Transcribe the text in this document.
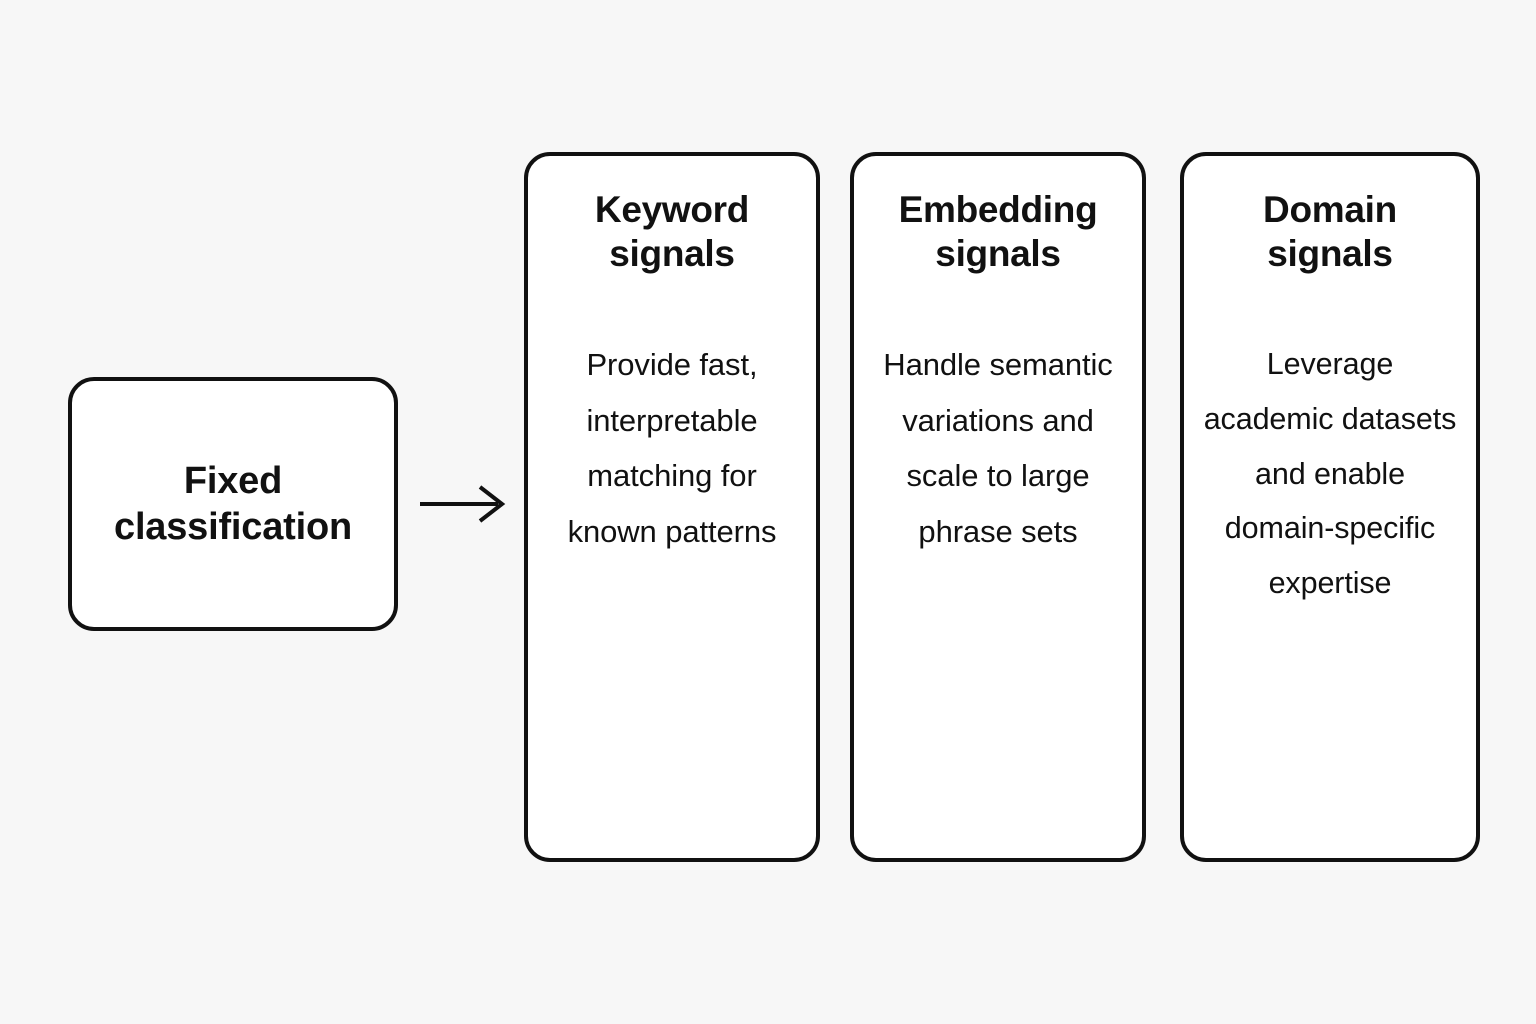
Fixed
classification
Keyword
signals
Provide fast, interpretable matching for known patterns
Embedding
signals
Handle semantic variations and scale to large phrase sets
Domain
signals
Leverage academic datasets and enable domain-specific expertise
